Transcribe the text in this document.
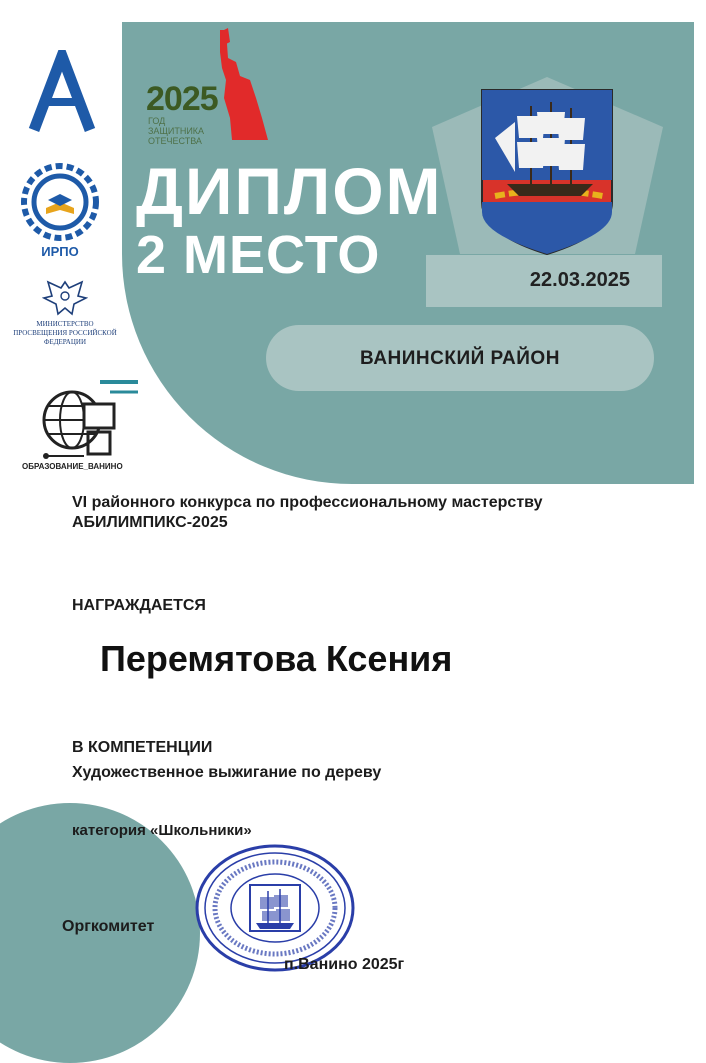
2025
ГОД ЗАЩИТНИКА ОТЕЧЕСТВА
ДИПЛОМ
2 МЕСТО	22.03.2025
ВАНИНСКИЙ РАЙОН
ИРПО
МИНИСТЕРСТВО ПРОСВЕЩЕНИЯ РОССИЙСКОЙ ФЕДЕРАЦИИ
ОБРАЗОВАНИЕ_ВАНИНО
VI районного конкурса по профессиональному мастерству
АБИЛИМПИКС-2025
НАГРАЖДАЕТСЯ
Перемятова Ксения
В КОМПЕТЕНЦИИ
Художественное выжигание по дереву
категория «Школьники»
Оргкомитет
п.Ванино 2025г
